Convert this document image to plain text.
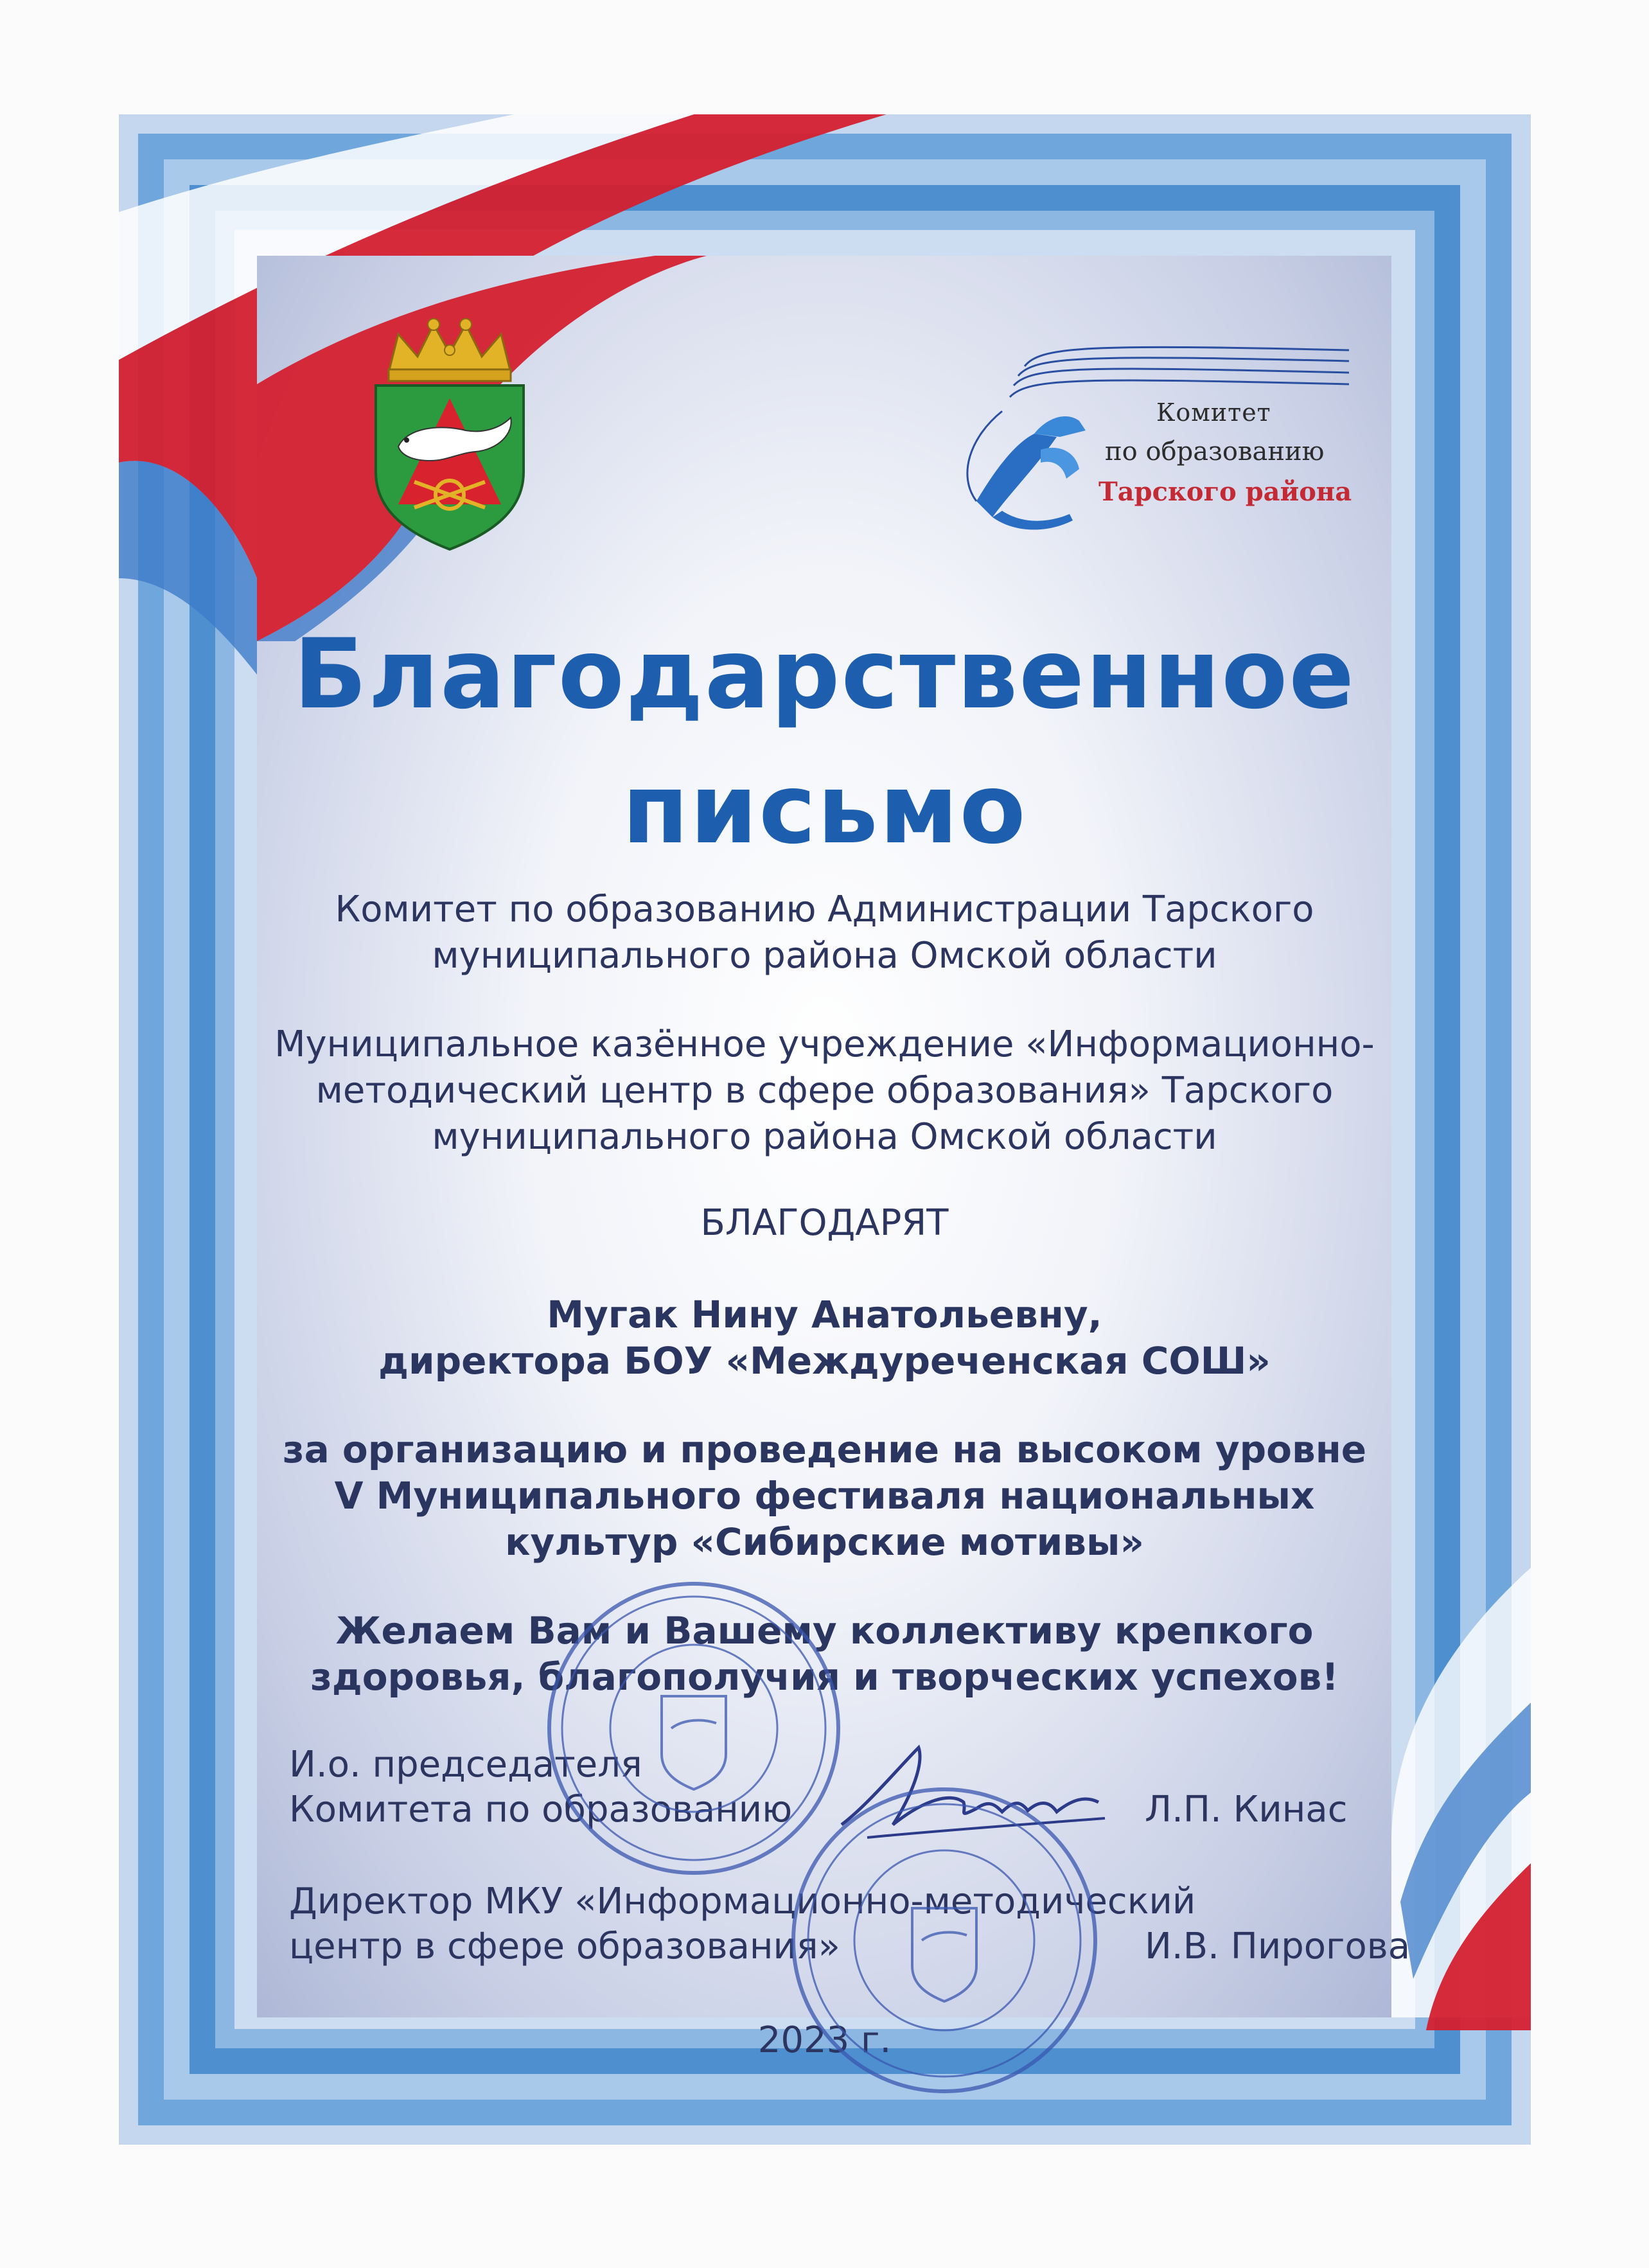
Комитет
по образованию
Тарского района
Благодарственное
письмо
Комитет по образованию Администрации Тарского
муниципального района Омской области
Муниципальное казённое учреждение «Информационно-
методический центр в сфере образования» Тарского
муниципального района Омской области
БЛАГОДАРЯТ
Мугак Нину Анатольевну,
директора БОУ «Междуреченская СОШ»
за организацию и проведение на высоком уровне
V Муниципального фестиваля национальных
культур «Сибирские мотивы»
Желаем Вам и Вашему коллективу крепкого
здоровья, благополучия и творческих успехов!
И.о. председателя
Комитета по образованию	Л.П. Кинас
Директор МКУ «Информационно-методический
центр в сфере образования»	И.В. Пирогова
2023 г.
